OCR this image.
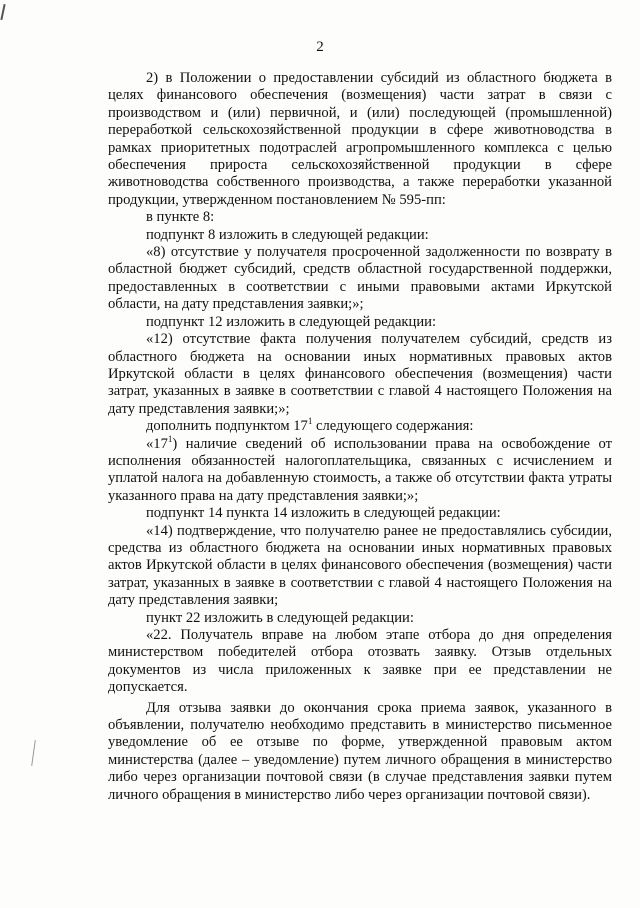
2

2) в Положении о предоставлении субсидий из областного бюджета в целях финансового обеспечения (возмещения) части затрат в связи с производством и (или) первичной, и (или) последующей (промышленной) переработкой сельскохозяйственной продукции в сфере животноводства в рамках приоритетных подотраслей агропромышленного комплекса с целью обеспечения прироста сельскохозяйственной продукции в сфере животноводства собственного производства, а также переработки указанной продукции, утвержденном постановлением № 595-пп:

в пункте 8:

подпункт 8 изложить в следующей редакции:

«8) отсутствие у получателя просроченной задолженности по возврату в областной бюджет субсидий, средств областной государственной поддержки, предоставленных в соответствии с иными правовыми актами Иркутской области, на дату представления заявки;»;

подпункт 12 изложить в следующей редакции:

«12) отсутствие факта получения получателем субсидий, средств из областного бюджета на основании иных нормативных правовых актов Иркутской области в целях финансового обеспечения (возмещения) части затрат, указанных в заявке в соответствии с главой 4 настоящего Положения на дату представления заявки;»;

дополнить подпунктом $17^1$ следующего содержания:

«$17^1$) наличие сведений об использовании права на освобождение от исполнения обязанностей налогоплательщика, связанных с исчислением и уплатой налога на добавленную стоимость, а также об отсутствии факта утраты указанного права на дату представления заявки;»;

подпункт 14 пункта 14 изложить в следующей редакции:

«14) подтверждение, что получателю ранее не предоставлялись субсидии, средства из областного бюджета на основании иных нормативных правовых актов Иркутской области в целях финансового обеспечения (возмещения) части затрат, указанных в заявке в соответствии с главой 4 настоящего Положения на дату представления заявки;

пункт 22 изложить в следующей редакции:

«22. Получатель вправе на любом этапе отбора до дня определения министерством победителей отбора отозвать заявку. Отзыв отдельных документов из числа приложенных к заявке при ее представлении не допускается.

Для отзыва заявки до окончания срока приема заявок, указанного в объявлении, получателю необходимо представить в министерство письменное уведомление об ее отзыве по форме, утвержденной правовым актом министерства (далее – уведомление) путем личного обращения в министерство либо через организации почтовой связи (в случае представления заявки путем личного обращения в министерство либо через организации почтовой связи).
